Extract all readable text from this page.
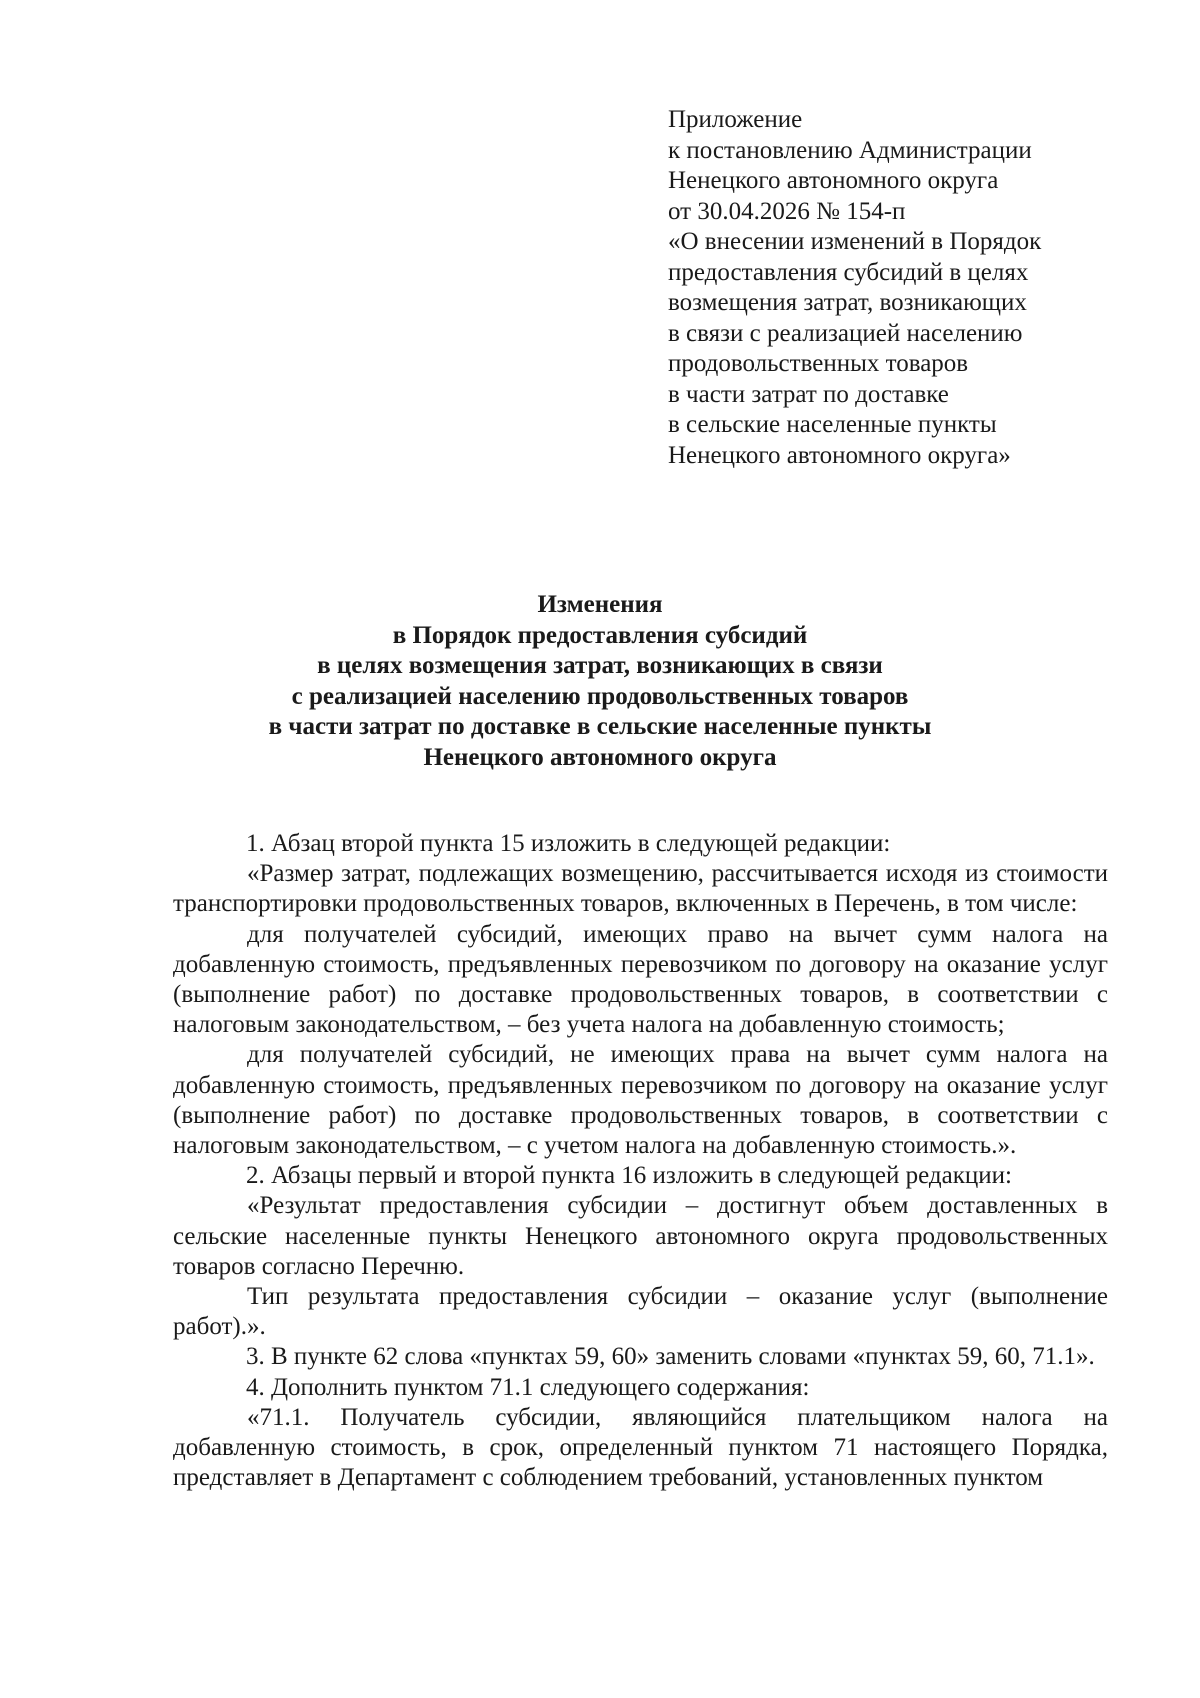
Приложение
к постановлению Администрации
Ненецкого автономного округа
от 30.04.2026 № 154-п
«О внесении изменений в Порядок
предоставления субсидий в целях
возмещения затрат, возникающих
в связи с реализацией населению
продовольственных товаров
в части затрат по доставке
в сельские населенные пункты
Ненецкого автономного округа»
Изменения
в Порядок предоставления субсидий
в целях возмещения затрат, возникающих в связи
с реализацией населению продовольственных товаров
в части затрат по доставке в сельские населенные пункты
Ненецкого автономного округа

1. Абзац второй пункта 15 изложить в следующей редакции:

«Размер затрат, подлежащих возмещению, рассчитывается исходя из стоимости транспортировки продовольственных товаров, включенных в Перечень, в том числе:

для получателей субсидий, имеющих право на вычет сумм налога на добавленную стоимость, предъявленных перевозчиком по договору на оказание услуг (выполнение работ) по доставке продовольственных товаров, в соответствии с налоговым законодательством, – без учета налога на добавленную стоимость;

для получателей субсидий, не имеющих права на вычет сумм налога на добавленную стоимость, предъявленных перевозчиком по договору на оказание услуг (выполнение работ) по доставке продовольственных товаров, в соответствии с налоговым законодательством, – с учетом налога на добавленную стоимость.».

2. Абзацы первый и второй пункта 16 изложить в следующей редакции:

«Результат предоставления субсидии – достигнут объем доставленных в сельские населенные пункты Ненецкого автономного округа продовольственных товаров согласно Перечню.

Тип результата предоставления субсидии – оказание услуг (выполнение работ).».

3. В пункте 62 слова «пунктах 59, 60» заменить словами «пунктах 59, 60, 71.1».

4. Дополнить пунктом 71.1 следующего содержания:

«71.1. Получатель субсидии, являющийся плательщиком налога на добавленную стоимость, в срок, определенный пунктом 71 настоящего Порядка, представляет в Департамент с соблюдением требований, установленных пунктом
